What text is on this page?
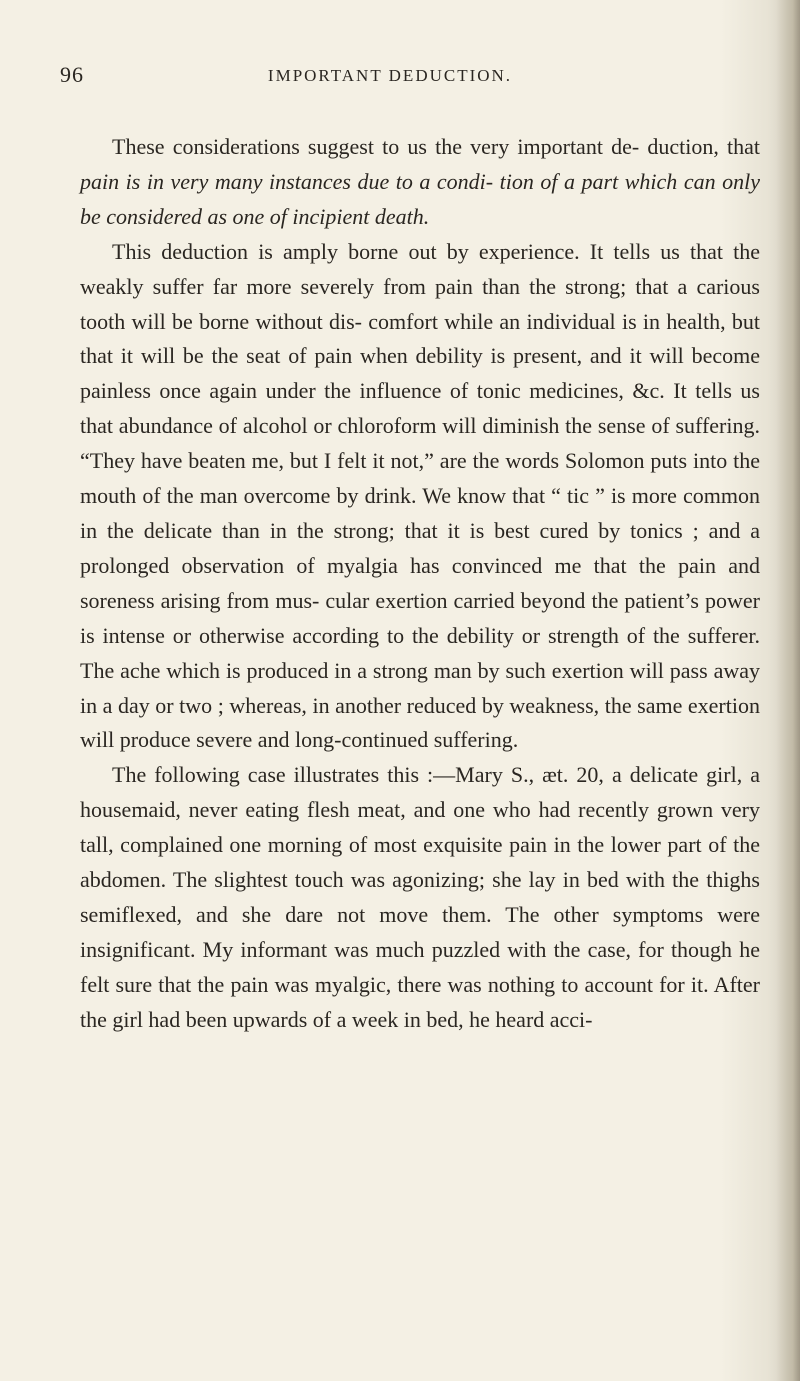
96	IMPORTANT DEDUCTION.

These considerations suggest to us the very important de- duction, that pain is in very many instances due to a condi- tion of a part which can only be considered as one of incipient death.

This deduction is amply borne out by experience. It tells us that the weakly suffer far more severely from pain than the strong; that a carious tooth will be borne without dis- comfort while an individual is in health, but that it will be the seat of pain when debility is present, and it will become painless once again under the influence of tonic medicines, &c. It tells us that abundance of alcohol or chloroform will diminish the sense of suffering. “They have beaten me, but I felt it not,” are the words Solomon puts into the mouth of the man overcome by drink. We know that “ tic ” is more common in the delicate than in the strong; that it is best cured by tonics ; and a prolonged observation of myalgia has convinced me that the pain and soreness arising from mus- cular exertion carried beyond the patient’s power is intense or otherwise according to the debility or strength of the sufferer. The ache which is produced in a strong man by such exertion will pass away in a day or two ; whereas, in another reduced by weakness, the same exertion will produce severe and long-continued suffering.

The following case illustrates this :—Mary S., æt. 20, a delicate girl, a housemaid, never eating flesh meat, and one who had recently grown very tall, complained one morning of most exquisite pain in the lower part of the abdomen. The slightest touch was agonizing; she lay in bed with the thighs semiflexed, and she dare not move them. The other symptoms were insignificant. My informant was much puzzled with the case, for though he felt sure that the pain was myalgic, there was nothing to account for it. After the girl had been upwards of a week in bed, he heard acci-
